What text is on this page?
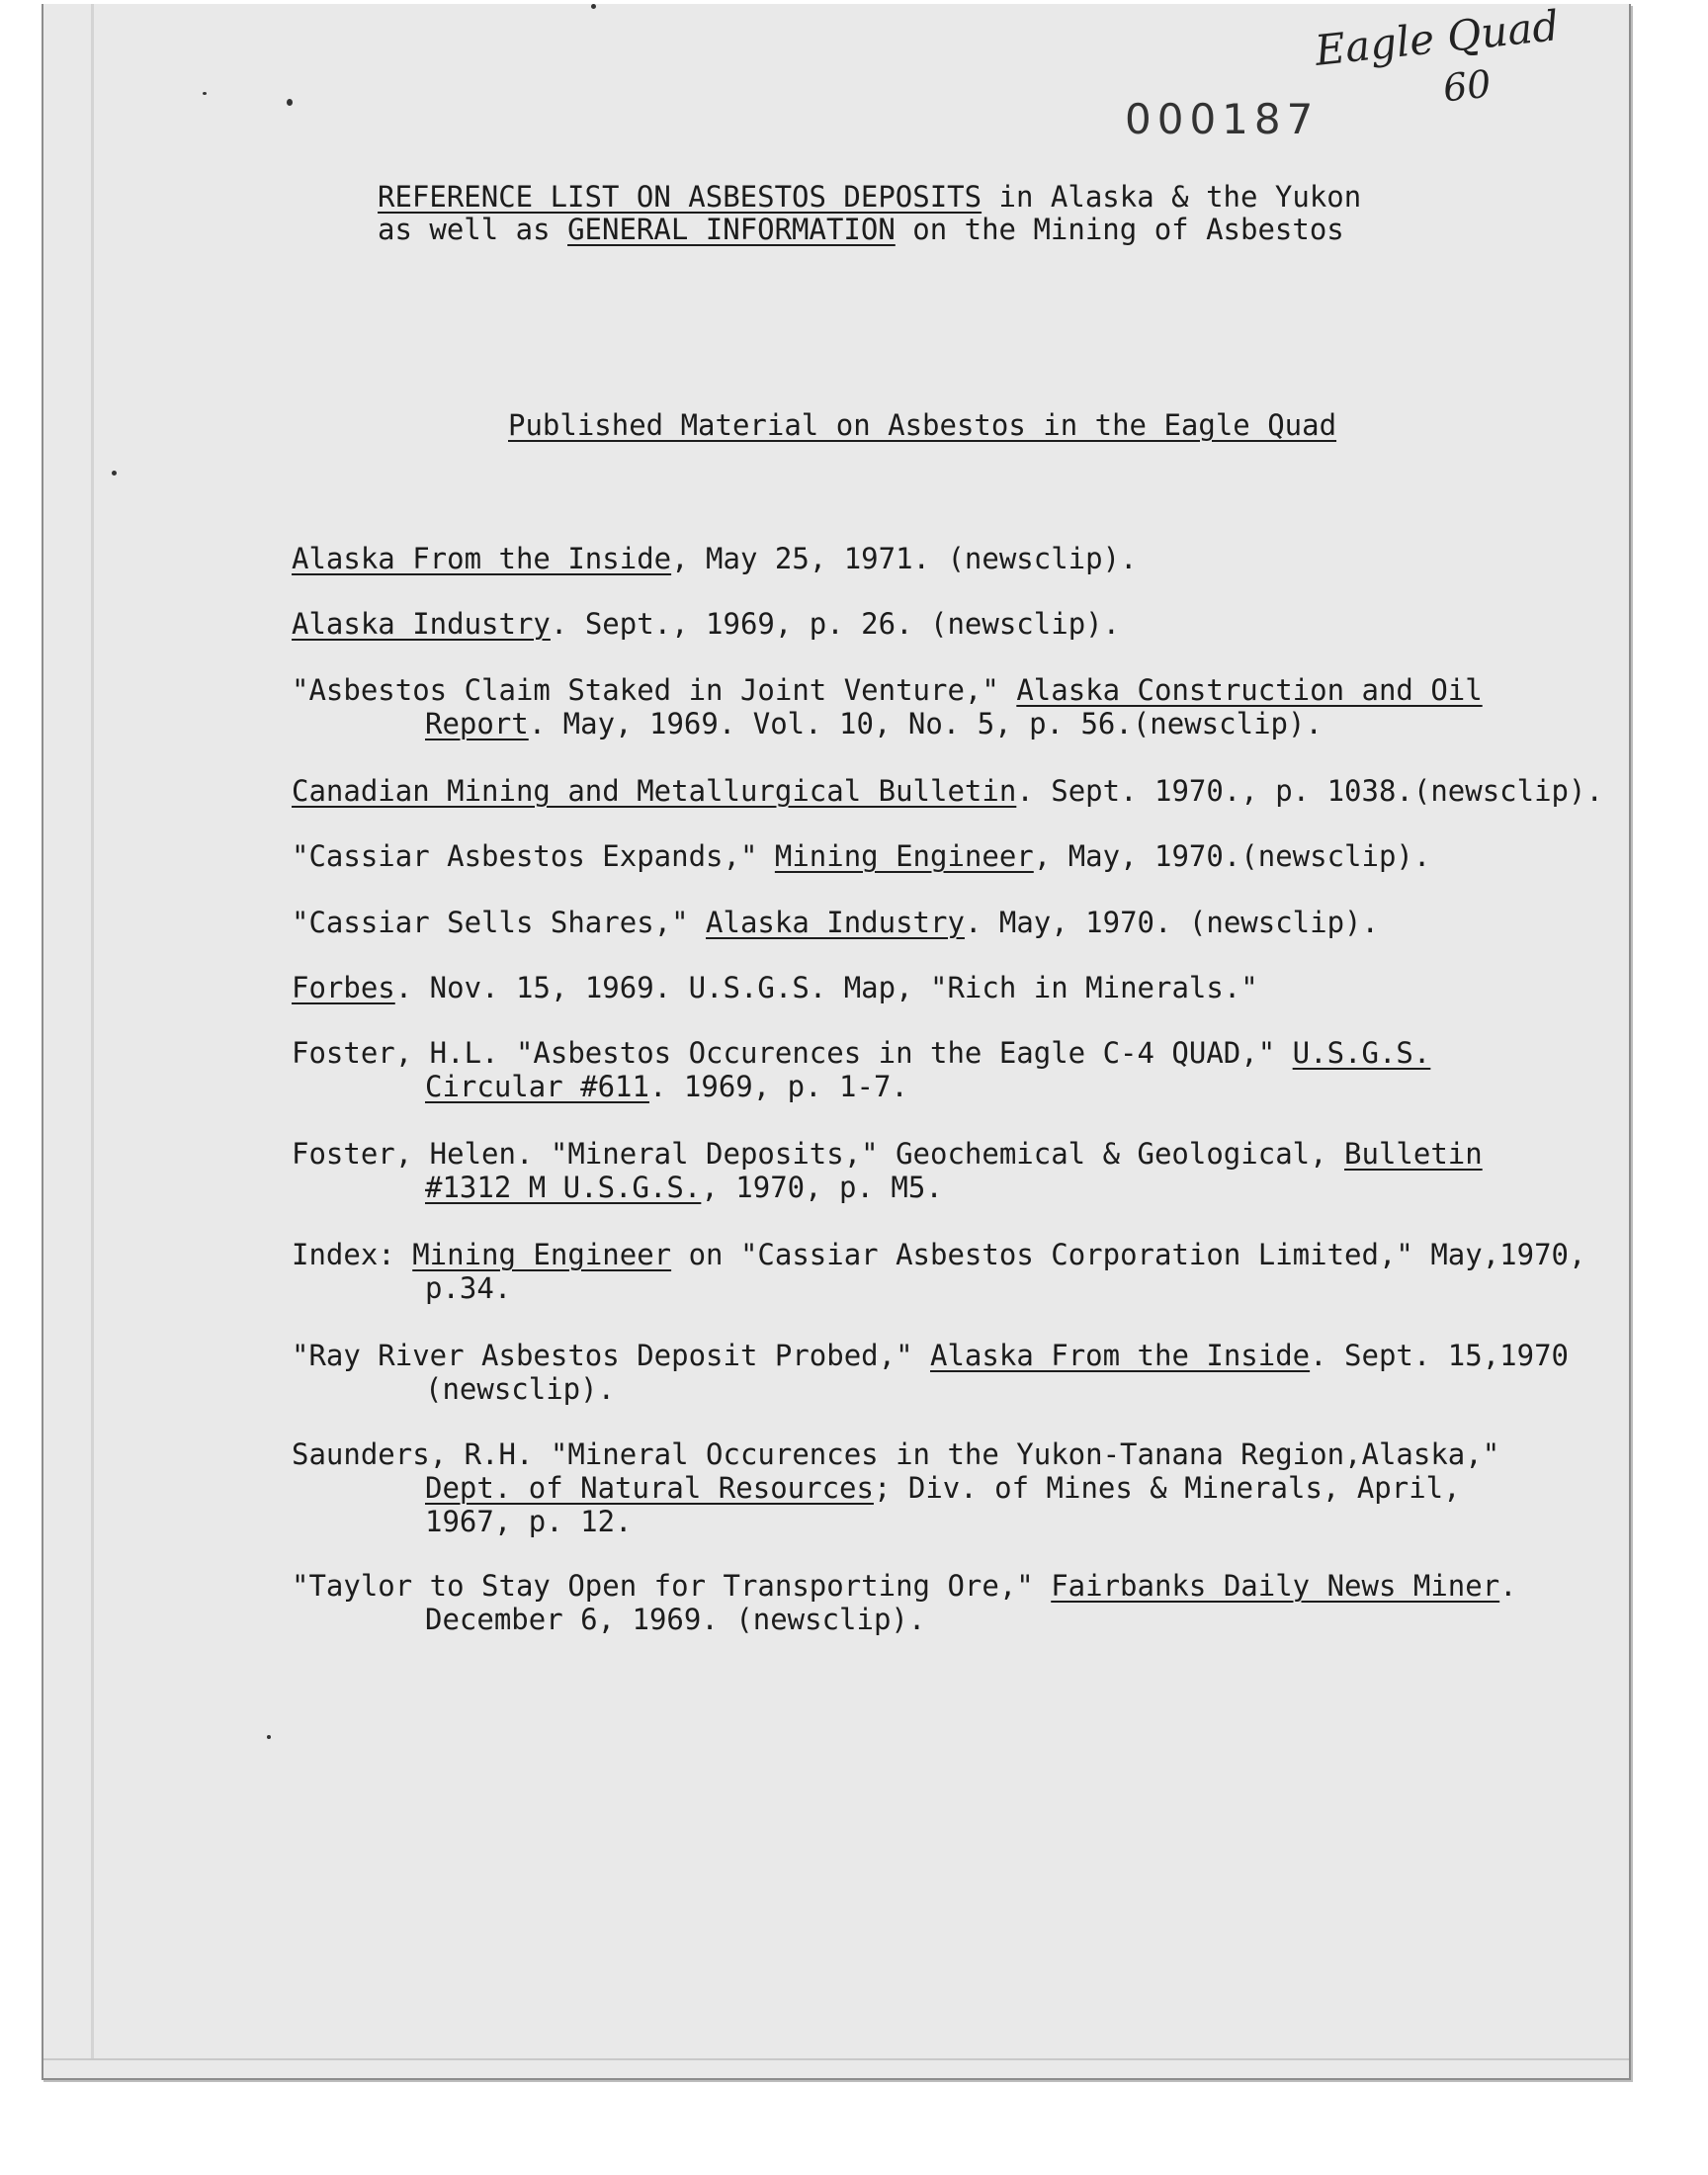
Eagle Quad
60
000187
REFERENCE LIST ON ASBESTOS DEPOSITS in Alaska & the Yukon
as well as GENERAL INFORMATION on the Mining of Asbestos
Published Material on Asbestos in the Eagle Quad
Alaska From the Inside, May 25, 1971. (newsclip).
Alaska Industry. Sept., 1969, p. 26. (newsclip).
"Asbestos Claim Staked in Joint Venture," Alaska Construction and Oil
Report. May, 1969. Vol. 10, No. 5, p. 56.(newsclip).
Canadian Mining and Metallurgical Bulletin. Sept. 1970., p. 1038.(newsclip).
"Cassiar Asbestos Expands," Mining Engineer, May, 1970.(newsclip).
"Cassiar Sells Shares," Alaska Industry. May, 1970. (newsclip).
Forbes. Nov. 15, 1969. U.S.G.S. Map, "Rich in Minerals."
Foster, H.L. "Asbestos Occurences in the Eagle C-4 QUAD," U.S.G.S.
Circular #611. 1969, p. 1-7.
Foster, Helen. "Mineral Deposits," Geochemical & Geological, Bulletin
#1312 M U.S.G.S., 1970, p. M5.
Index: Mining Engineer on "Cassiar Asbestos Corporation Limited," May,1970,
p.34.
"Ray River Asbestos Deposit Probed," Alaska From the Inside. Sept. 15,1970
(newsclip).
Saunders, R.H. "Mineral Occurences in the Yukon-Tanana Region,Alaska,"
Dept. of Natural Resources; Div. of Mines & Minerals, April,
1967, p. 12.
"Taylor to Stay Open for Transporting Ore," Fairbanks Daily News Miner.
December 6, 1969. (newsclip).
